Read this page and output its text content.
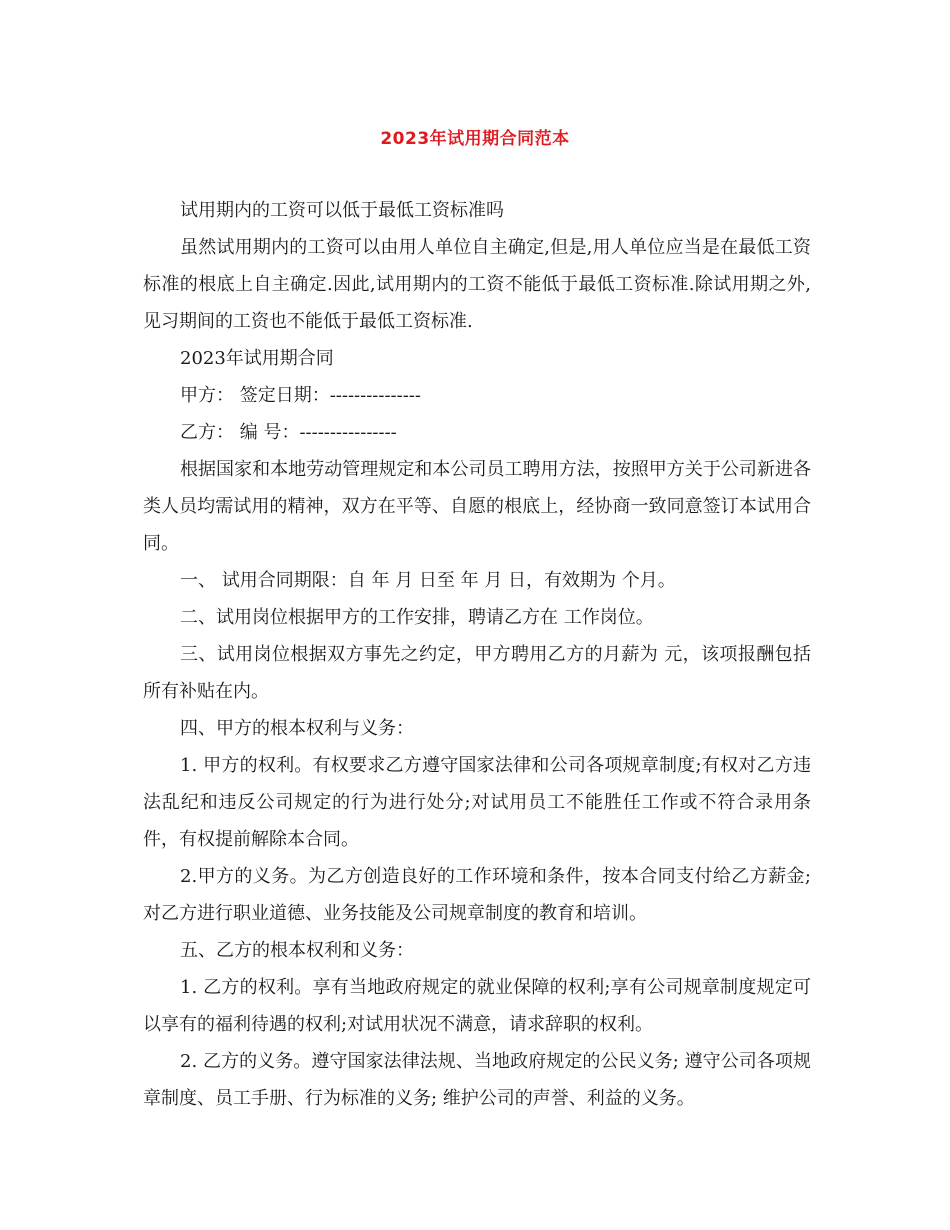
2023年试用期合同范本

试用期内的工资可以低于最低工资标准吗

虽然试用期内的工资可以由用人单位自主确定,但是,用人单位应当是在最低工资标准的根底上自主确定.因此,试用期内的工资不能低于最低工资标准.除试用期之外,见习期间的工资也不能低于最低工资标准.

2023年试用期合同

甲方： 签定日期：---------------

乙方： 编 号：----------------

根据国家和本地劳动管理规定和本公司员工聘用方法，按照甲方关于公司新进各类人员均需试用的精神，双方在平等、自愿的根底上，经协商一致同意签订本试用合同。

一、 试用合同期限：自 年 月 日至 年 月 日，有效期为 个月。

二、试用岗位根据甲方的工作安排，聘请乙方在 工作岗位。

三、试用岗位根据双方事先之约定，甲方聘用乙方的月薪为 元，该项报酬包括所有补贴在内。

四、甲方的根本权利与义务：

1. 甲方的权利。有权要求乙方遵守国家法律和公司各项规章制度;有权对乙方违法乱纪和违反公司规定的行为进行处分;对试用员工不能胜任工作或不符合录用条件，有权提前解除本合同。

2.甲方的义务。为乙方创造良好的工作环境和条件，按本合同支付给乙方薪金;对乙方进行职业道德、业务技能及公司规章制度的教育和培训。

五、乙方的根本权利和义务：

1. 乙方的权利。享有当地政府规定的就业保障的权利;享有公司规章制度规定可以享有的福利待遇的权利;对试用状况不满意，请求辞职的权利。

2. 乙方的义务。遵守国家法律法规、当地政府规定的公民义务; 遵守公司各项规章制度、员工手册、行为标准的义务; 维护公司的声誉、利益的义务。
